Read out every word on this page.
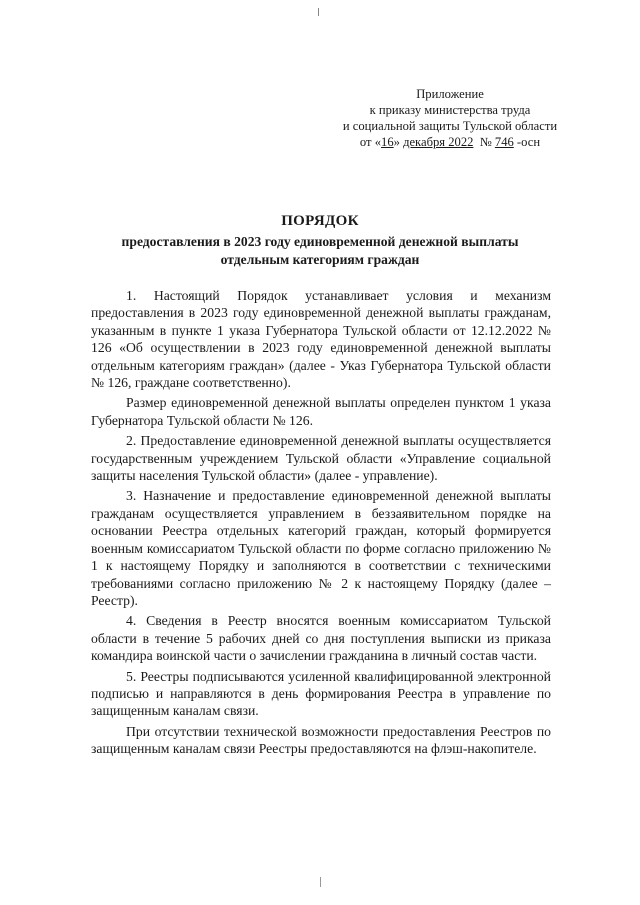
Приложение
к приказу министерства труда
и социальной защиты Тульской области
от «16» декабря 2022 № 746 -осн
ПОРЯДОК
предоставления в 2023 году единовременной денежной выплаты отдельным категориям граждан

1. Настоящий Порядок устанавливает условия и механизм предоставления в 2023 году единовременной денежной выплаты гражданам, указанным в пункте 1 указа Губернатора Тульской области от 12.12.2022 № 126 «Об осуществлении в 2023 году единовременной денежной выплаты отдельным категориям граждан» (далее - Указ Губернатора Тульской области № 126, граждане соответственно).

Размер единовременной денежной выплаты определен пунктом 1 указа Губернатора Тульской области № 126.

2. Предоставление единовременной денежной выплаты осуществляется государственным учреждением Тульской области «Управление социальной защиты населения Тульской области» (далее - управление).

3. Назначение и предоставление единовременной денежной выплаты гражданам осуществляется управлением в беззаявительном порядке на основании Реестра отдельных категорий граждан, который формируется военным комиссариатом Тульской области по форме согласно приложению № 1 к настоящему Порядку и заполняются в соответствии с техническими требованиями согласно приложению № 2 к настоящему Порядку (далее – Реестр).

4. Сведения в Реестр вносятся военным комиссариатом Тульской области в течение 5 рабочих дней со дня поступления выписки из приказа командира воинской части о зачислении гражданина в личный состав части.

5. Реестры подписываются усиленной квалифицированной электронной подписью и направляются в день формирования Реестра в управление по защищенным каналам связи.

При отсутствии технической возможности предоставления Реестров по защищенным каналам связи Реестры предоставляются на флэш-накопителе.
